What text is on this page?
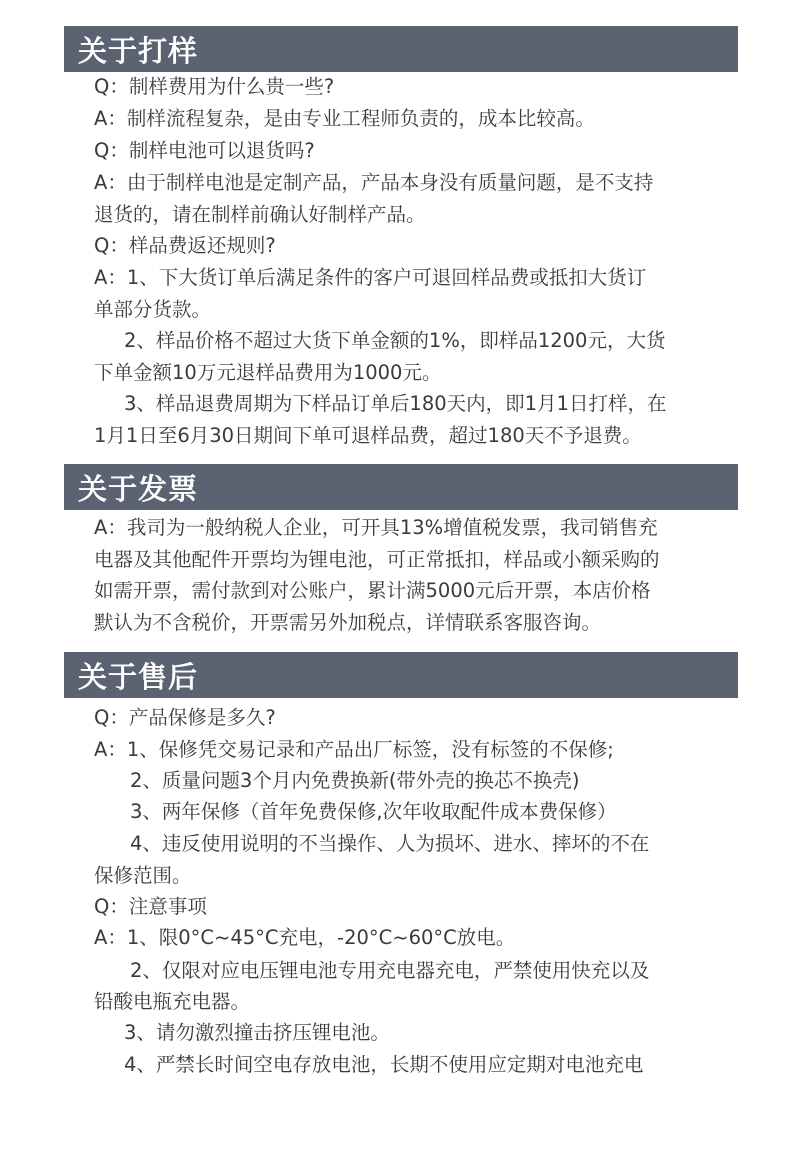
关于打样
Q：制样费用为什么贵一些?
A：制样流程复杂，是由专业工程师负责的，成本比较高。
Q：制样电池可以退货吗?
A：由于制样电池是定制产品，产品本身没有质量问题，是不支持
退货的，请在制样前确认好制样产品。
Q：样品费返还规则?
A：1、下大货订单后满足条件的客户可退回样品费或抵扣大货订
单部分货款。
2、样品价格不超过大货下单金额的1%，即样品1200元，大货
下单金额10万元退样品费用为1000元。
3、样品退费周期为下样品订单后180天内，即1月1日打样，在
1月1日至6月30日期间下单可退样品费，超过180天不予退费。
关于发票
A：我司为一般纳税人企业，可开具13%增值税发票，我司销售充
电器及其他配件开票均为锂电池，可正常抵扣，样品或小额采购的
如需开票，需付款到对公账户，累计满5000元后开票，本店价格
默认为不含税价，开票需另外加税点，详情联系客服咨询。
关于售后
Q：产品保修是多久?
A：1、保修凭交易记录和产品出厂标签，没有标签的不保修;
2、质量问题3个月内免费换新(带外壳的换芯不换壳)
3、两年保修（首年免费保修,次年收取配件成本费保修）
4、违反使用说明的不当操作、人为损坏、进水、摔坏的不在
保修范围。
Q：注意事项
A：1、限0°C~45°C充电，-20°C~60°C放电。
2、仅限对应电压锂电池专用充电器充电，严禁使用快充以及
铅酸电瓶充电器。
3、请勿激烈撞击挤压锂电池。
4、严禁长时间空电存放电池，长期不使用应定期对电池充电
